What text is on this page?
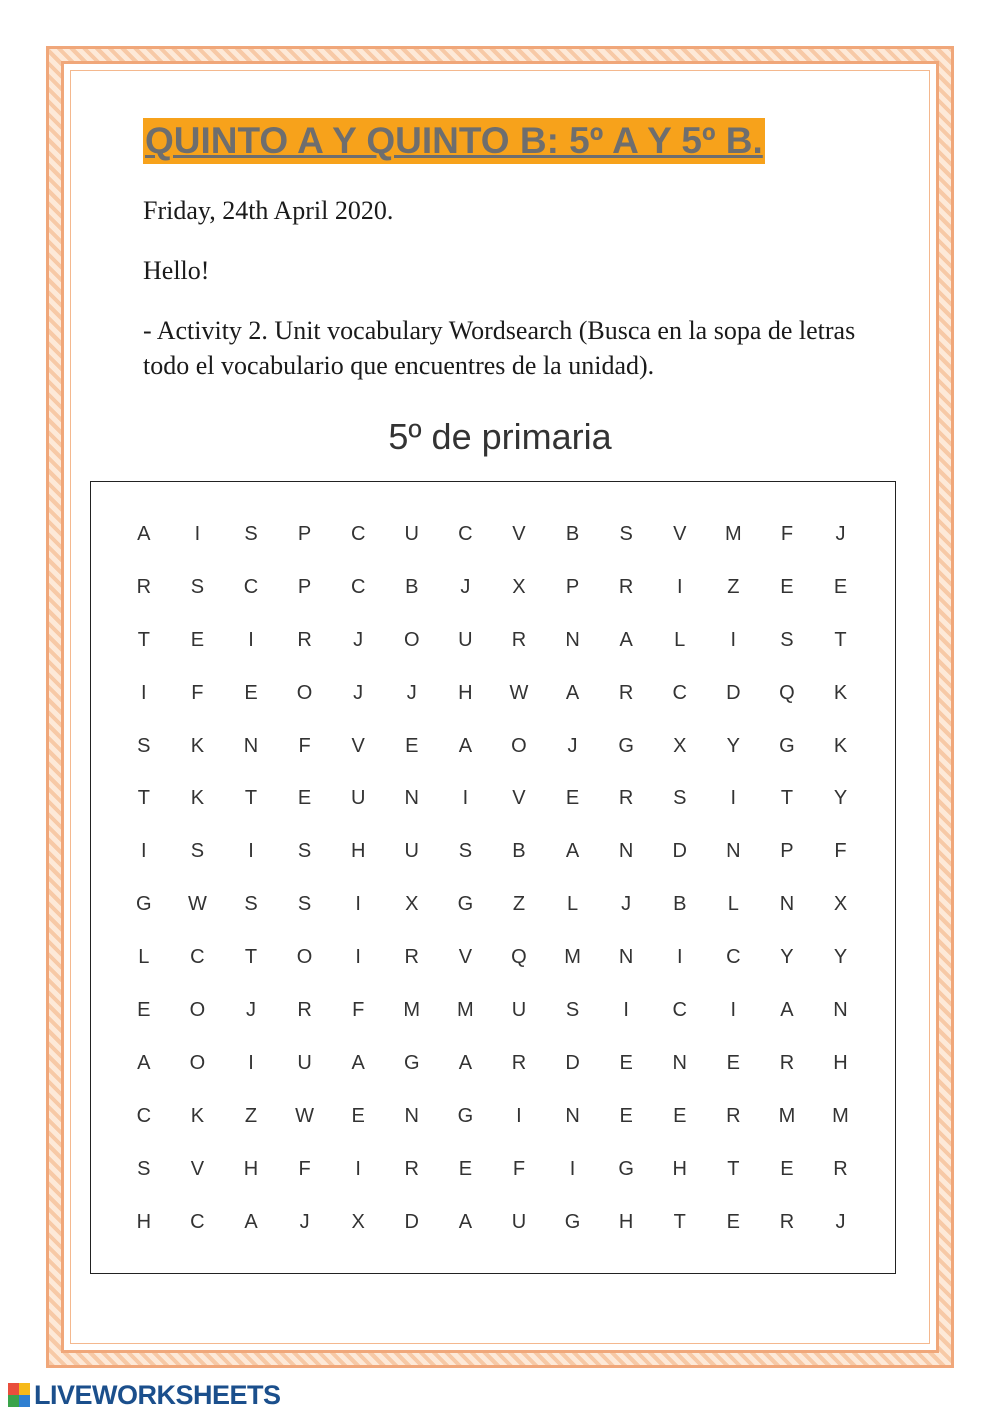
QUINTO A Y QUINTO B: 5º A Y 5º B.
Friday, 24th April 2020.
Hello!
- Activity 2. Unit vocabulary Wordsearch (Busca en la sopa de letras todo el vocabulario que encuentres de la unidad).
5º de primaria
A	I	S	P	C	U	C	V	B	S	V	M	F	J
R	S	C	P	C	B	J	X	P	R	I	Z	E	E
T	E	I	R	J	O	U	R	N	A	L	I	S	T
I	F	E	O	J	J	H	W	A	R	C	D	Q	K
S	K	N	F	V	E	A	O	J	G	X	Y	G	K
T	K	T	E	U	N	I	V	E	R	S	I	T	Y
I	S	I	S	H	U	S	B	A	N	D	N	P	F
G	W	S	S	I	X	G	Z	L	J	B	L	N	X
L	C	T	O	I	R	V	Q	M	N	I	C	Y	Y
E	O	J	R	F	M	M	U	S	I	C	I	A	N
A	O	I	U	A	G	A	R	D	E	N	E	R	H
C	K	Z	W	E	N	G	I	N	E	E	R	M	M
S	V	H	F	I	R	E	F	I	G	H	T	E	R
H	C	A	J	X	D	A	U	G	H	T	E	R	J
LIVEWORKSHEETS
